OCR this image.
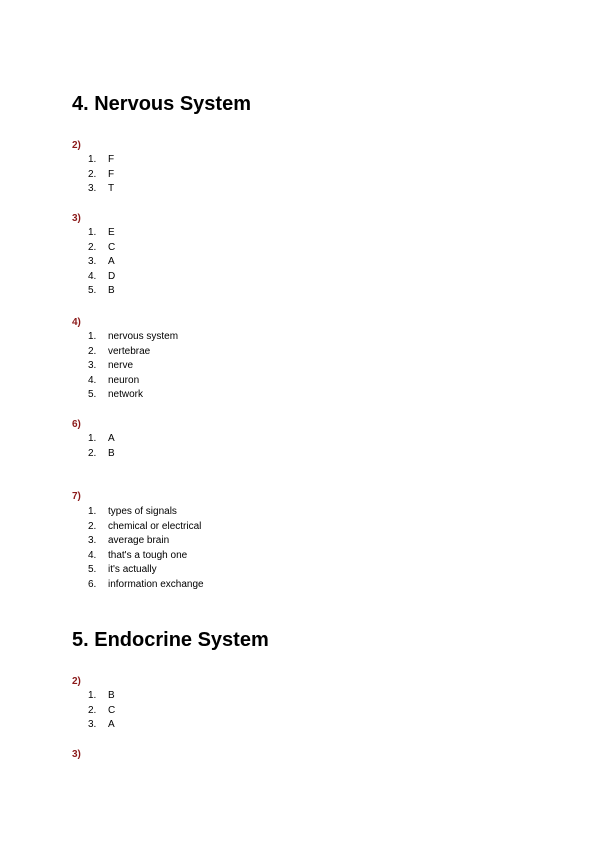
4. Nervous System
2)
1. F
2. F
3. T
3)
1. E
2. C
3. A
4. D
5. B
4)
1. nervous system
2. vertebrae
3. nerve
4. neuron
5. network
6)
1. A
2. B
7)
1. types of signals
2. chemical or electrical
3. average brain
4. that's a tough one
5. it's actually
6. information exchange
5. Endocrine System
2)
1. B
2. C
3. A
3)
